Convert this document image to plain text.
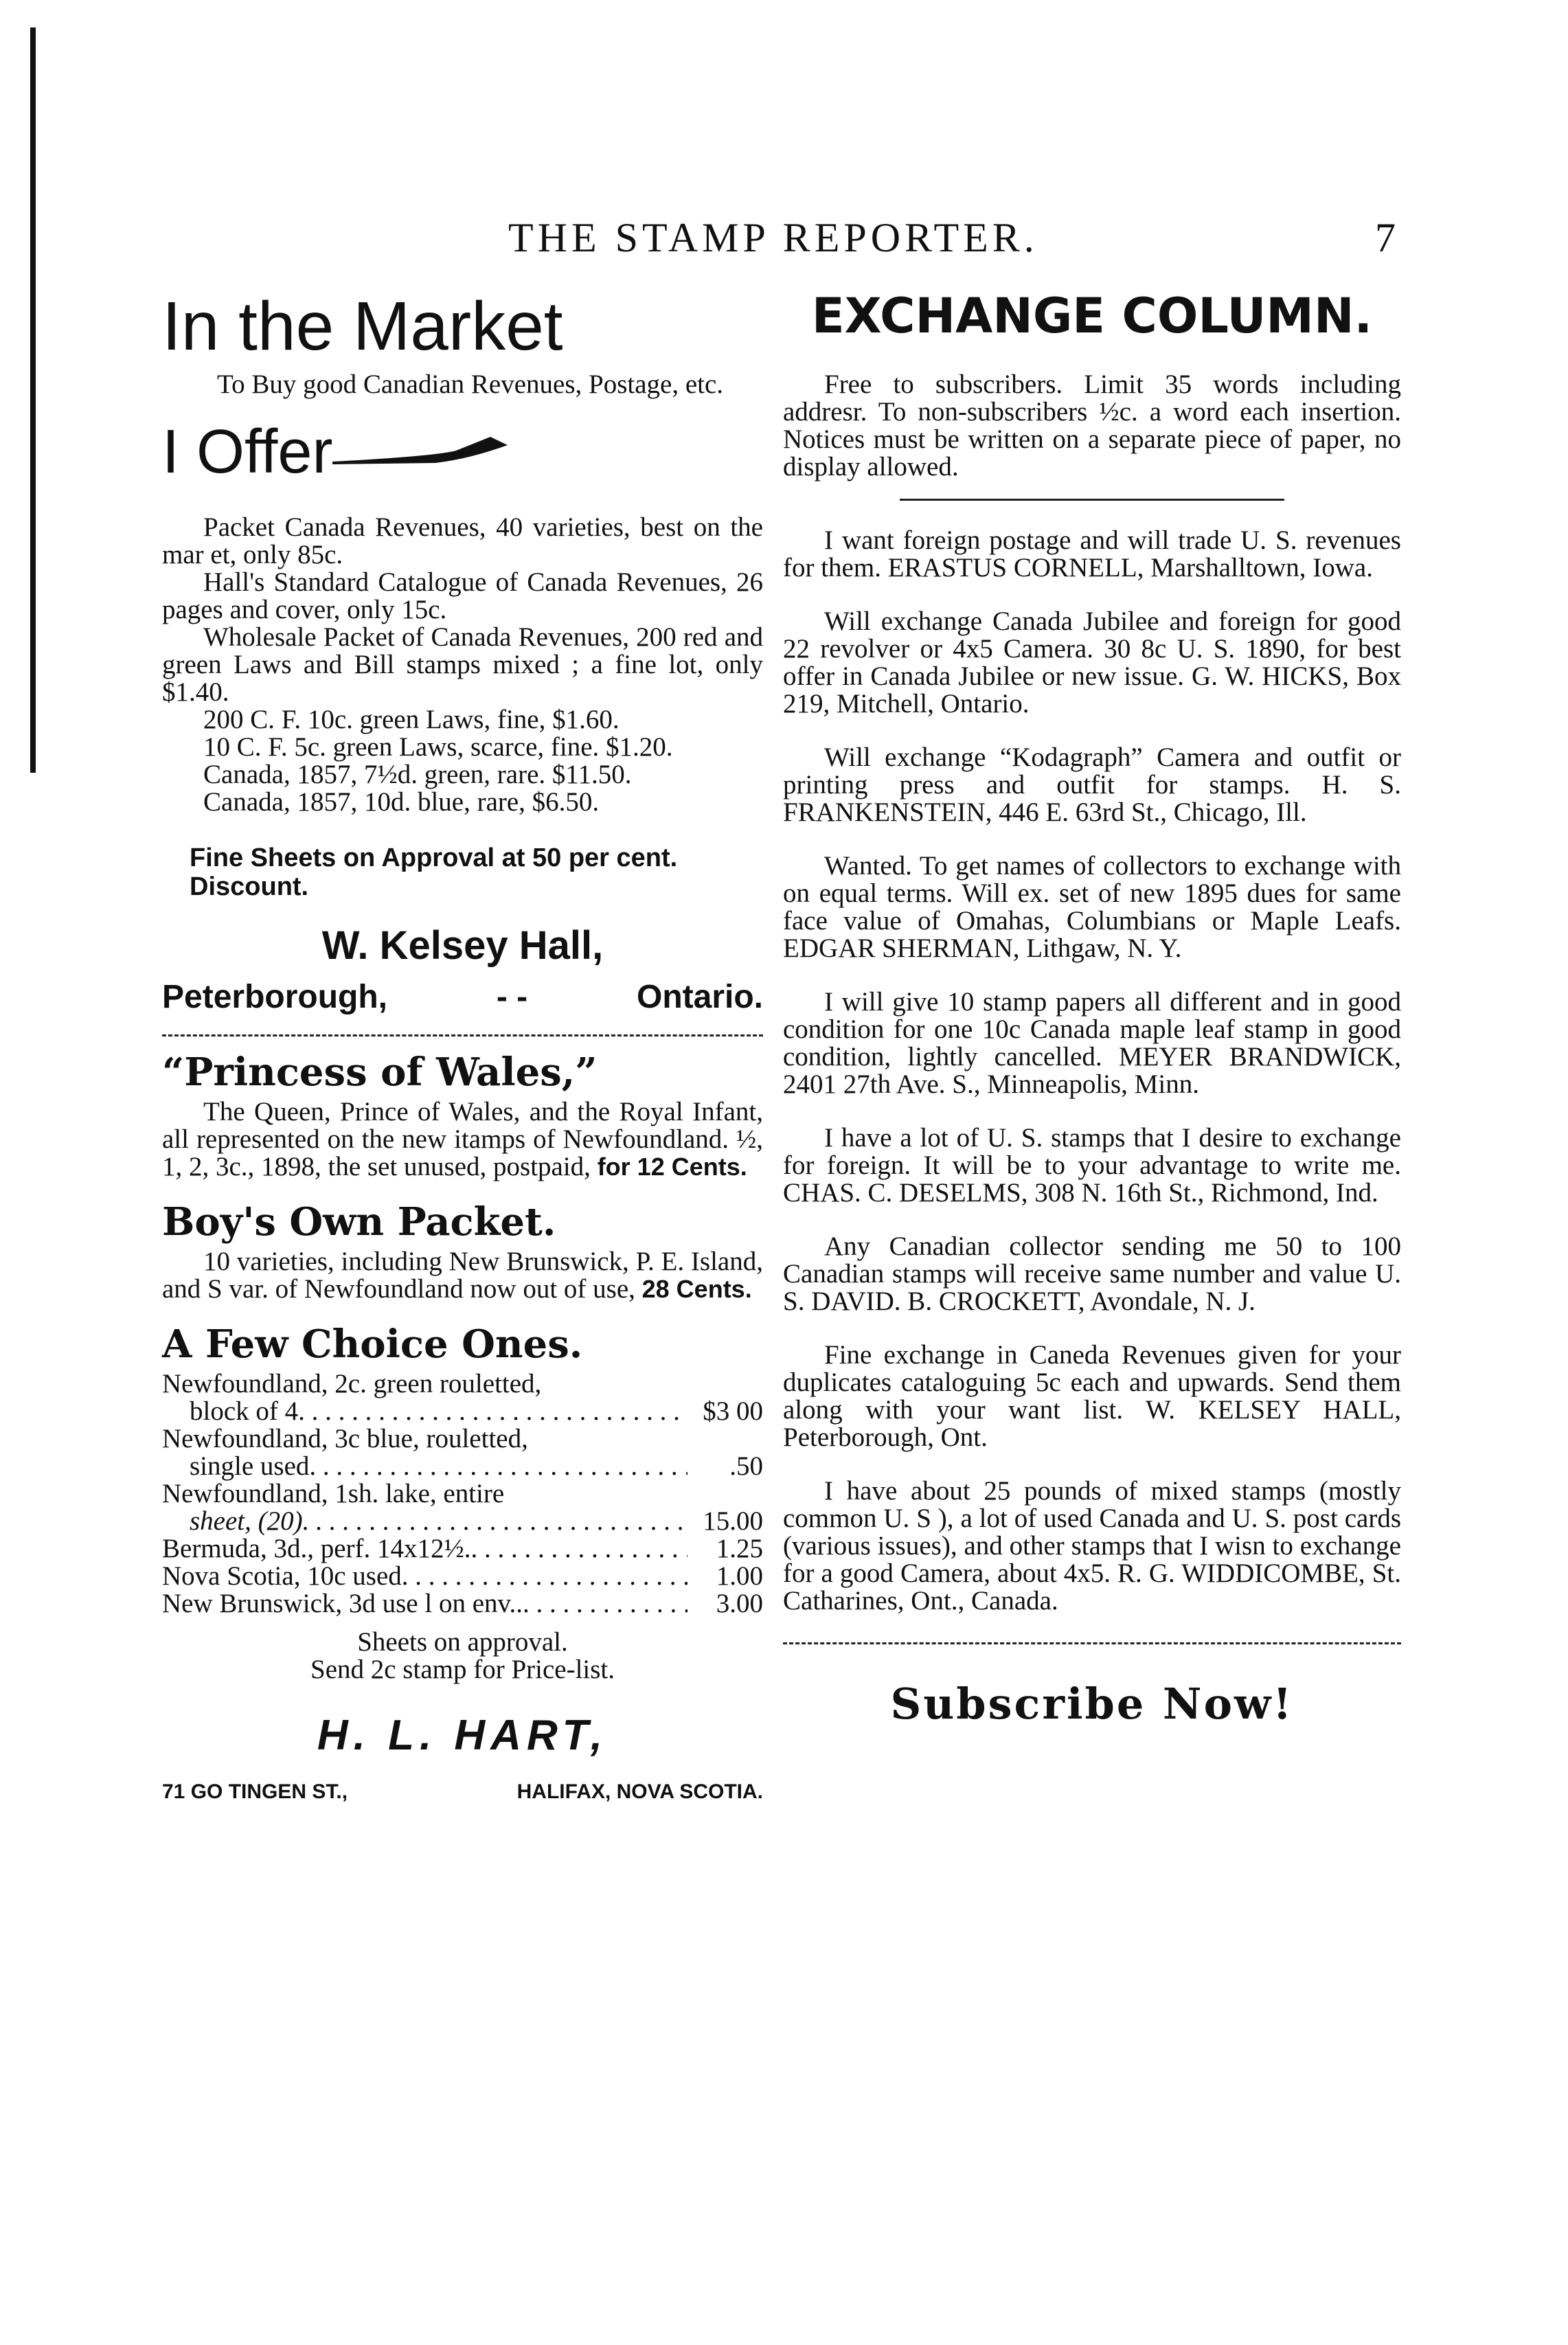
THE STAMP REPORTER.	7
In the Market
To Buy good Canadian Revenues, Postage, etc.
I Offer
Packet Canada Revenues, 40 varieties, best on the mar et, only 85c.
Hall's Standard Catalogue of Canada Revenues, 26 pages and cover, only 15c.
Wholesale Packet of Canada Revenues, 200 red and green Laws and Bill stamps mixed ; a fine lot, only $1.40.
200 C. F. 10c. green Laws, fine, $1.60.
10 C. F. 5c. green Laws, scarce, fine. $1.20.
Canada, 1857, 7½d. green, rare. $11.50.
Canada, 1857, 10d. blue, rare, $6.50.
Fine Sheets on Approval at 50 per cent. Discount.
W. Kelsey Hall,
Peterborough,	- -	Ontario.
“Princess of Wales,”
The Queen, Prince of Wales, and the Royal Infant, all represented on the new itamps of Newfoundland. ½, 1, 2, 3c., 1898, the set unused, postpaid, for 12 Cents.
Boy's Own Packet.
10 varieties, including New Brunswick, P. E. Island, and S var. of Newfoundland now out of use, 28 Cents.
A Few Choice Ones.
Newfoundland, 2c. green rouletted,
block of 4 . . .	$3 00
Newfoundland, 3c blue, rouletted,
single used . . .	.50
Newfoundland, 1sh. lake, entire
sheet, (20) . . .	15.00
Bermuda, 3d., perf. 14x12½. . . .	1.25
Nova Scotia, 10c used . . .	1.00
New Brunswick, 3d use l on env.. . . .	3.00
Sheets on approval.
Send 2c stamp for Price-list.
H. L. HART,
71 GO TINGEN ST.,	HALIFAX, NOVA SCOTIA.
EXCHANGE COLUMN.
Free to subscribers. Limit 35 words including addresr. To non-subscribers ½c. a word each insertion. Notices must be written on a separate piece of paper, no display allowed.
I want foreign postage and will trade U. S. revenues for them. ERASTUS CORNELL, Marshalltown, Iowa.
Will exchange Canada Jubilee and foreign for good 22 revolver or 4x5 Camera. 30 8c U. S. 1890, for best offer in Canada Jubilee or new issue. G. W. HICKS, Box 219, Mitchell, Ontario.
Will exchange “Kodagraph” Camera and outfit or printing press and outfit for stamps. H. S. FRANKENSTEIN, 446 E. 63rd St., Chicago, Ill.
Wanted. To get names of collectors to exchange with on equal terms. Will ex. set of new 1895 dues for same face value of Omahas, Columbians or Maple Leafs. EDGAR SHERMAN, Lithgaw, N. Y.
I will give 10 stamp papers all different and in good condition for one 10c Canada maple leaf stamp in good condition, lightly cancelled. MEYER BRANDWICK, 2401 27th Ave. S., Minneapolis, Minn.
I have a lot of U. S. stamps that I desire to exchange for foreign. It will be to your advantage to write me. CHAS. C. DESELMS, 308 N. 16th St., Richmond, Ind.
Any Canadian collector sending me 50 to 100 Canadian stamps will receive same number and value U. S. DAVID. B. CROCKETT, Avondale, N. J.
Fine exchange in Caneda Revenues given for your duplicates cataloguing 5c each and upwards. Send them along with your want list. W. KELSEY HALL, Peterborough, Ont.
I have about 25 pounds of mixed stamps (mostly common U. S ), a lot of used Canada and U. S. post cards (various issues), and other stamps that I wisn to exchange for a good Camera, about 4x5. R. G. WIDDICOMBE, St. Catharines, Ont., Canada.
Subscribe Now!
